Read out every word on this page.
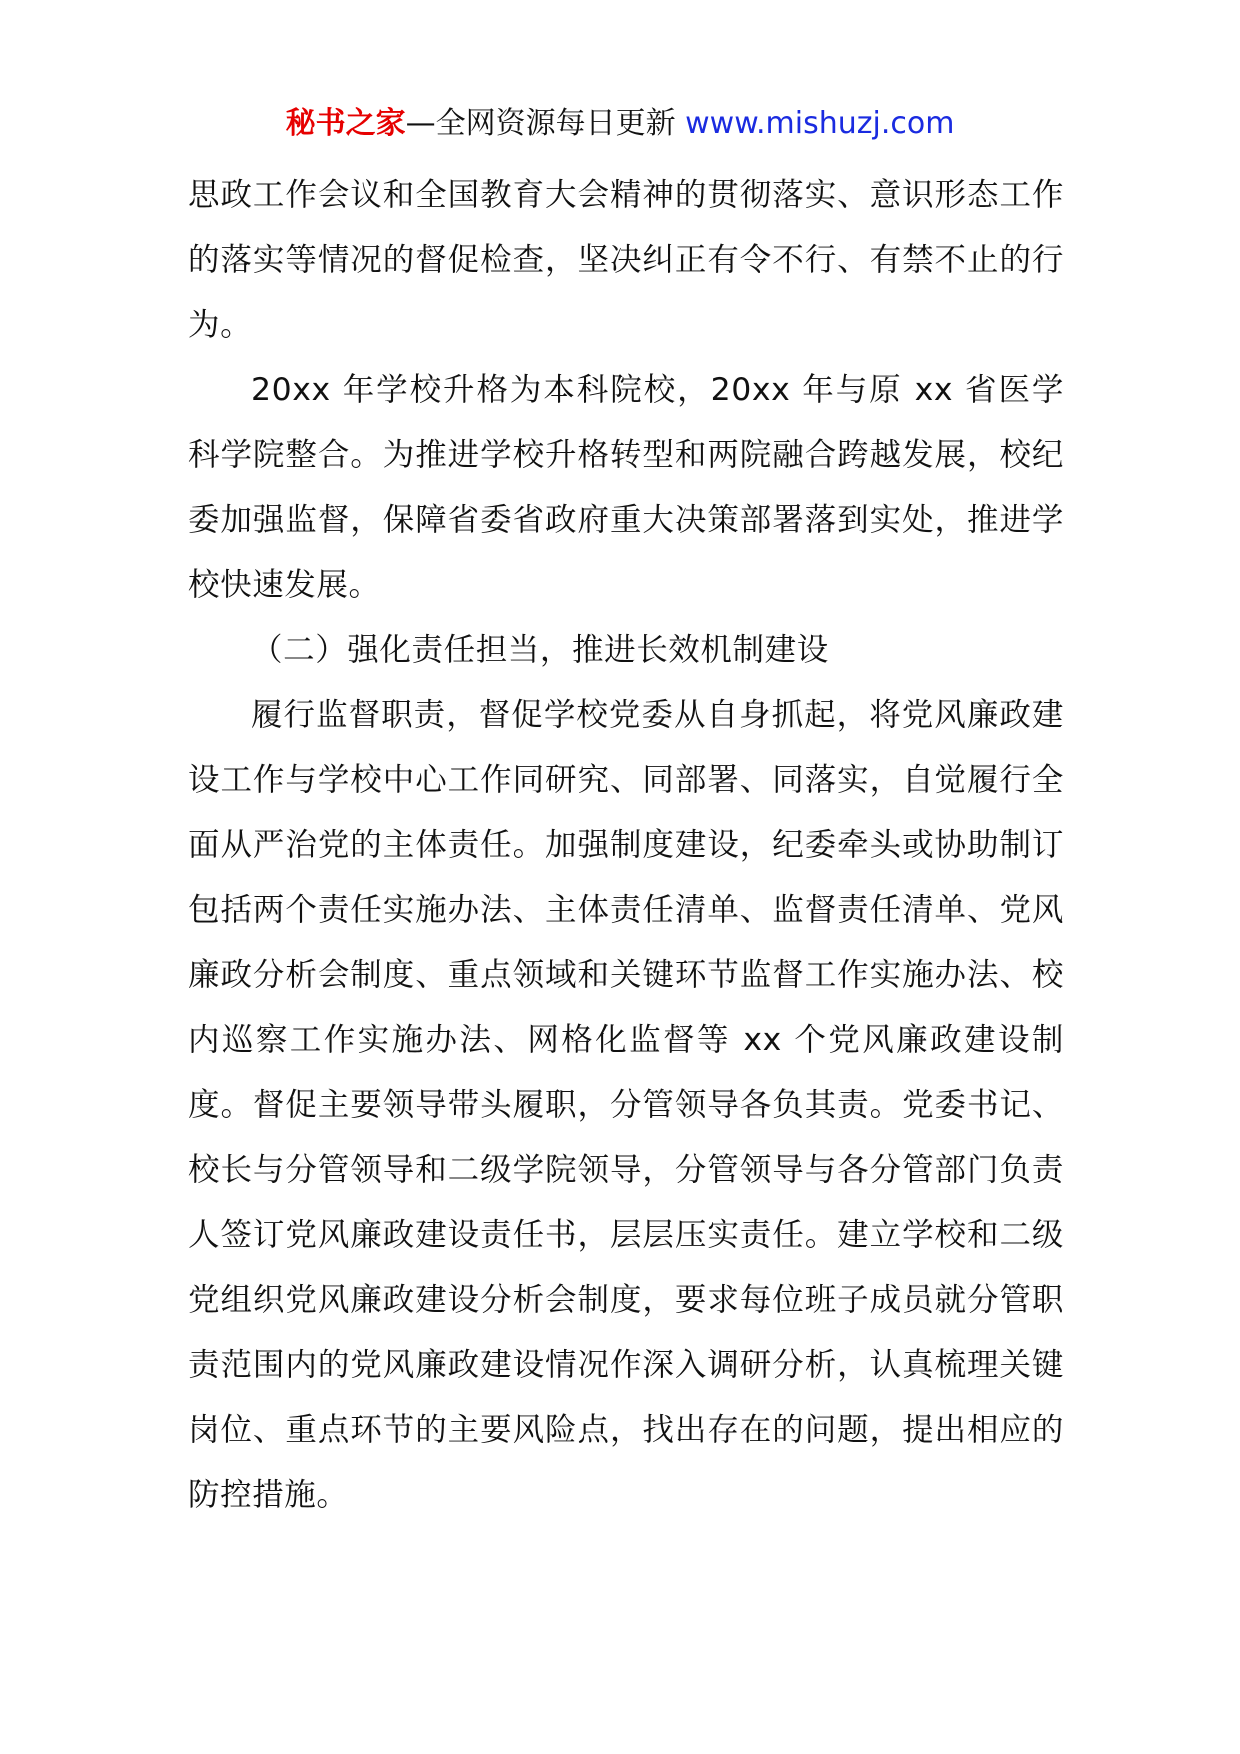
秘书之家—全网资源每日更新 www.mishuzj.com

思政工作会议和全国教育大会精神的贯彻落实、意识形态工作的落实等情况的督促检查，坚决纠正有令不行、有禁不止的行为。

20xx 年学校升格为本科院校，20xx 年与原 xx 省医学科学院整合。为推进学校升格转型和两院融合跨越发展，校纪委加强监督，保障省委省政府重大决策部署落到实处，推进学校快速发展。

（二）强化责任担当，推进长效机制建设

履行监督职责，督促学校党委从自身抓起，将党风廉政建设工作与学校中心工作同研究、同部署、同落实，自觉履行全面从严治党的主体责任。加强制度建设，纪委牵头或协助制订包括两个责任实施办法、主体责任清单、监督责任清单、党风廉政分析会制度、重点领域和关键环节监督工作实施办法、校内巡察工作实施办法、网格化监督等 xx 个党风廉政建设制度。督促主要领导带头履职，分管领导各负其责。党委书记、校长与分管领导和二级学院领导，分管领导与各分管部门负责人签订党风廉政建设责任书，层层压实责任。建立学校和二级党组织党风廉政建设分析会制度，要求每位班子成员就分管职责范围内的党风廉政建设情况作深入调研分析，认真梳理关键岗位、重点环节的主要风险点，找出存在的问题，提出相应的防控措施。
